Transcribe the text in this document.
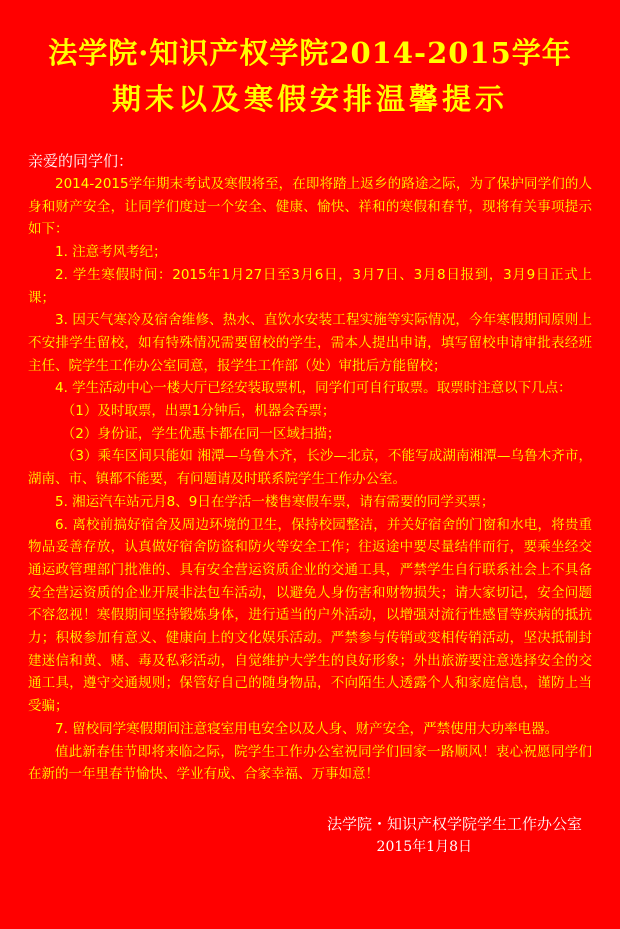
法学院·知识产权学院2014-2015学年
期末以及寒假安排温馨提示
亲爱的同学们：

2014-2015学年期末考试及寒假将至，在即将踏上返乡的路途之际，为了保护同学们的人身和财产安全，让同学们度过一个安全、健康、愉快、祥和的寒假和春节，现将有关事项提示如下：

1. 注意考风考纪；

2. 学生寒假时间：2015年1月27日至3月6日，3月7日、3月8日报到，3月9日正式上课；

3. 因天气寒冷及宿舍维修、热水、直饮水安装工程实施等实际情况，今年寒假期间原则上不安排学生留校，如有特殊情况需要留校的学生，需本人提出申请，填写留校申请审批表经班主任、院学生工作办公室同意，报学生工作部（处）审批后方能留校；

4. 学生活动中心一楼大厅已经安装取票机，同学们可自行取票。取票时注意以下几点：

（1）及时取票，出票1分钟后，机器会吞票；

（2）身份证，学生优惠卡都在同一区域扫描；

（3）乘车区间只能如 湘潭—乌鲁木齐，长沙—北京，不能写成湖南湘潭—乌鲁木齐市，湖南、市、镇都不能要，有问题请及时联系院学生工作办公室。

5. 湘运汽车站元月8、9日在学活一楼售寒假车票，请有需要的同学买票；

6. 离校前搞好宿舍及周边环境的卫生，保持校园整洁，并关好宿舍的门窗和水电，将贵重物品妥善存放，认真做好宿舍防盗和防火等安全工作；往返途中要尽量结伴而行，要乘坐经交通运政管理部门批准的、具有安全营运资质企业的交通工具，严禁学生自行联系社会上不具备安全营运资质的企业开展非法包车活动，以避免人身伤害和财物损失；请大家切记，安全问题不容忽视！寒假期间坚持锻炼身体，进行适当的户外活动，以增强对流行性感冒等疾病的抵抗力；积极参加有意义、健康向上的文化娱乐活动。严禁参与传销或变相传销活动，坚决抵制封建迷信和黄、赌、毒及私彩活动，自觉维护大学生的良好形象；外出旅游要注意选择安全的交通工具，遵守交通规则；保管好自己的随身物品，不向陌生人透露个人和家庭信息，谨防上当受骗；

7. 留校同学寒假期间注意寝室用电安全以及人身、财产安全，严禁使用大功率电器。

值此新春佳节即将来临之际，院学生工作办公室祝同学们回家一路顺风！衷心祝愿同学们在新的一年里春节愉快、学业有成、合家幸福、万事如意！

法学院・知识产权学院学生工作办公室
2015年1月8日
